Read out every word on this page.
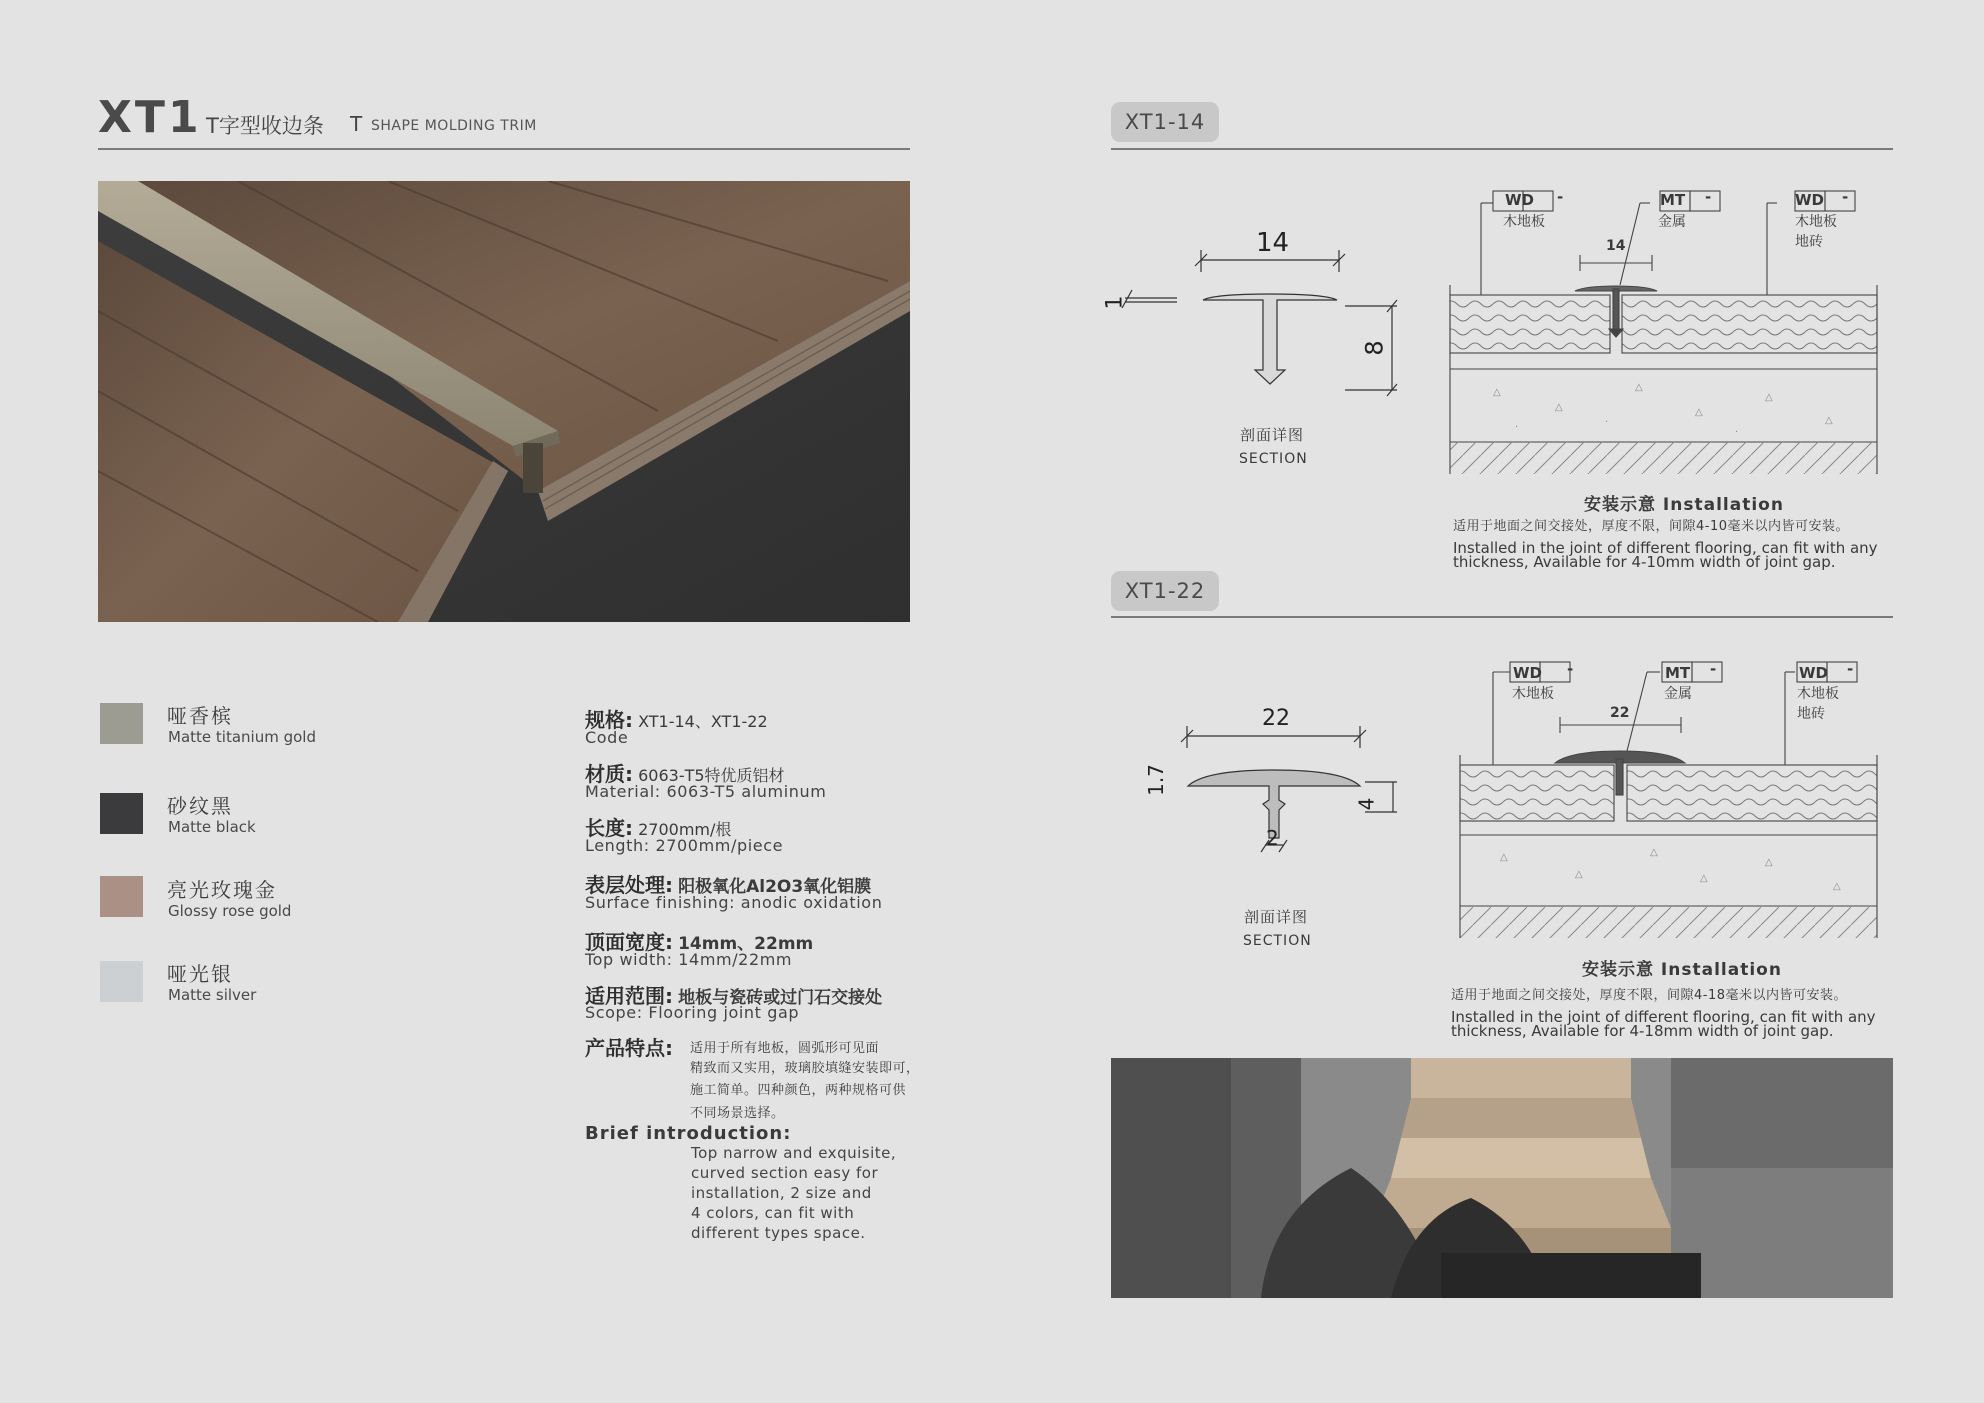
XT1 T字型收边条 T SHAPE MOLDING TRIM
哑香槟
Matte titanium gold
砂纹黑
Matte black
亮光玫瑰金
Glossy rose gold
哑光银
Matte silver
规格: XT1-14、XT1-22
Code
材质: 6063-T5特优质铝材
Material: 6063-T5 aluminum
长度: 2700mm/根
Length: 2700mm/piece
表层处理: 阳极氧化Al2O3氧化铝膜
Surface finishing: anodic oxidation
顶面宽度: 14mm、22mm
Top width: 14mm/22mm
适用范围: 地板与瓷砖或过门石交接处
Scope: Flooring joint gap
产品特点: 适用于所有地板，圆弧形可见面
精致而又实用，玻璃胶填缝安装即可，
施工简单。四种颜色，两种规格可供
不同场景选择。
Brief introduction:
Top narrow and exquisite,
curved section easy for
installation, 2 size and
4 colors, can fit with
different types space.
XT1-14
14
1
8
剖面详图
SECTION
△
△
△
△
△
△
·	·
·
WD -	MT -	WD -
木地板	金属	木地板
地砖
14
安装示意 Installation
适用于地面之间交接处，厚度不限，间隙4-10毫米以内皆可安装。
Installed in the joint of different flooring, can fit with any
thickness, Available for 4-10mm width of joint gap.
XT1-22
22
1.7
4
2
剖面详图
SECTION
△
△
△
△
△
△
WD -	MT -	WD -
木地板	金属	木地板
地砖
22
安装示意 Installation
适用于地面之间交接处，厚度不限，间隙4-18毫米以内皆可安装。
Installed in the joint of different flooring, can fit with any
thickness, Available for 4-18mm width of joint gap.
